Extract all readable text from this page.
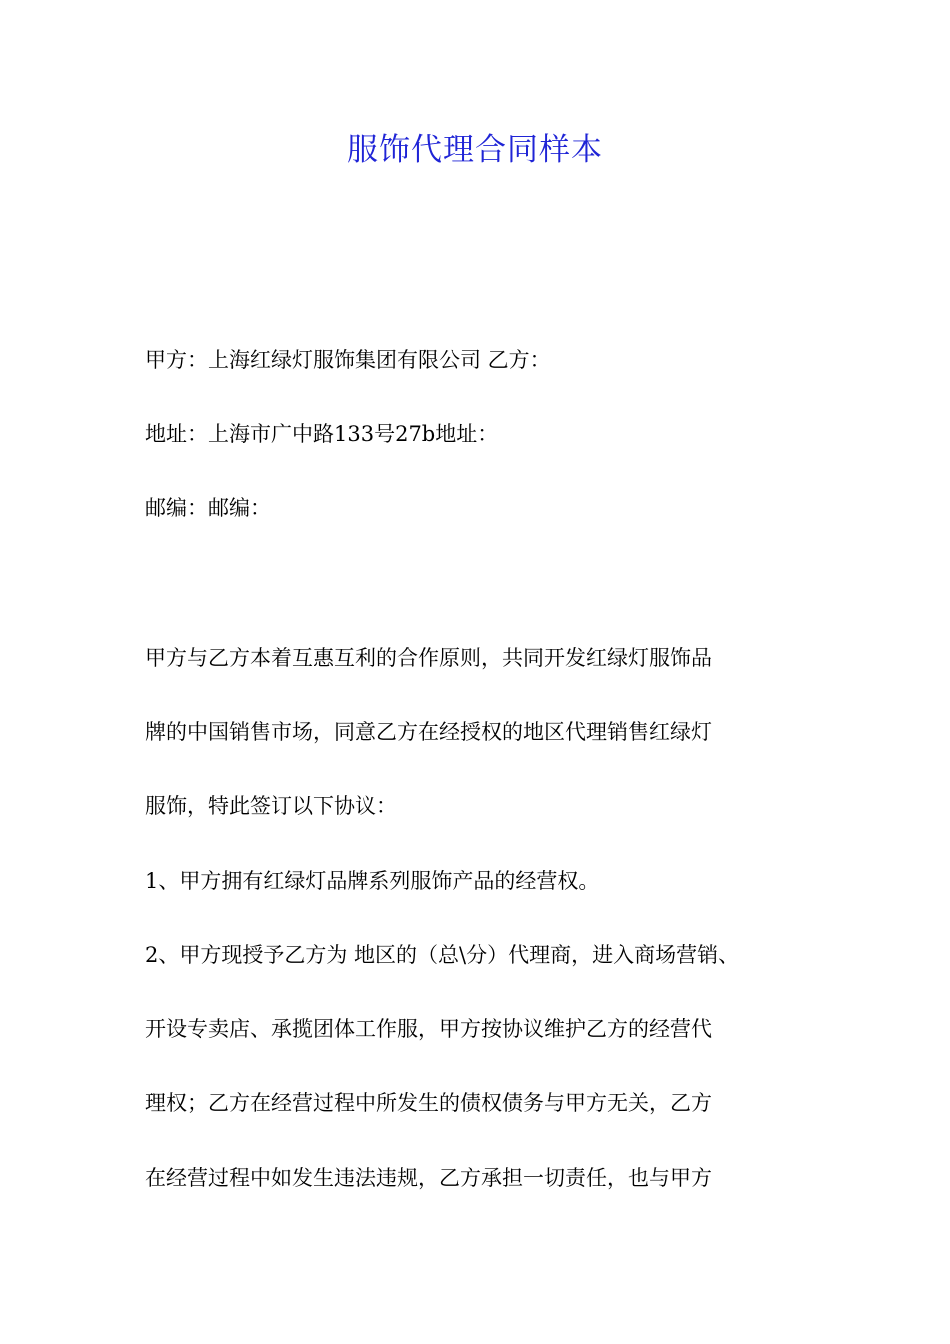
服饰代理合同样本

甲方：上海红绿灯服饰集团有限公司 乙方：

地址：上海市广中路133号27b地址：

邮编：邮编：

甲方与乙方本着互惠互利的合作原则，共同开发红绿灯服饰品

牌的中国销售市场，同意乙方在经授权的地区代理销售红绿灯

服饰，特此签订以下协议：

1、甲方拥有红绿灯品牌系列服饰产品的经营权。

2、甲方现授予乙方为 地区的（总\分）代理商，进入商场营销、

开设专卖店、承揽团体工作服，甲方按协议维护乙方的经营代

理权；乙方在经营过程中所发生的债权债务与甲方无关，乙方

在经营过程中如发生违法违规，乙方承担一切责任，也与甲方
